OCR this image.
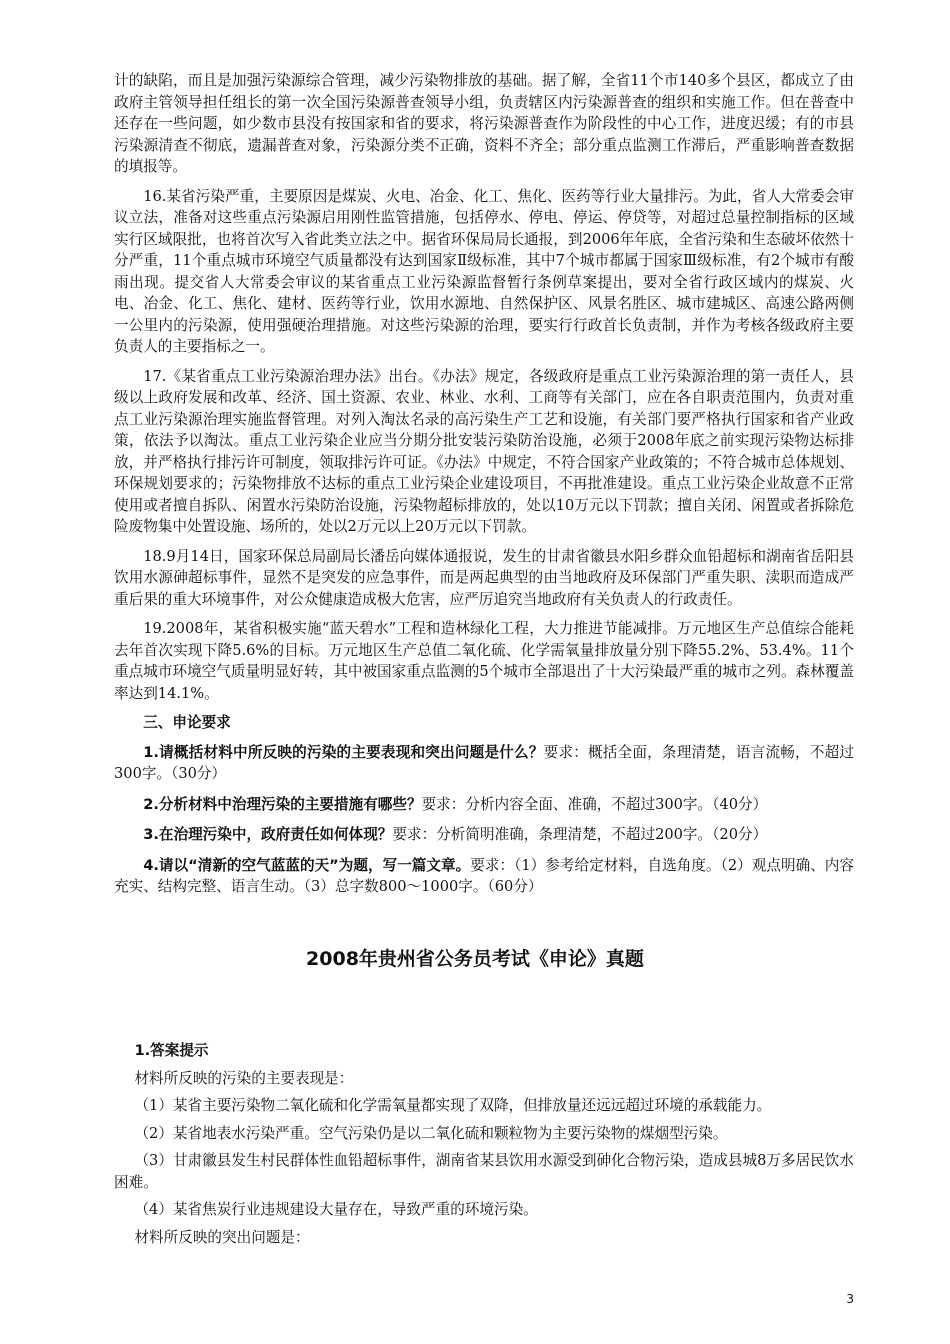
计的缺陷，而且是加强污染源综合管理，减少污染物排放的基础。据了解，全省11个市140多个县区，都成立了由政府主管领导担任组长的第一次全国污染源普查领导小组，负责辖区内污染源普查的组织和实施工作。但在普查中还存在一些问题，如少数市县没有按国家和省的要求，将污染源普查作为阶段性的中心工作，进度迟缓；有的市县污染源清查不彻底，遗漏普查对象，污染源分类不正确，资料不齐全；部分重点监测工作滞后，严重影响普查数据的填报等。

16.某省污染严重，主要原因是煤炭、火电、冶金、化工、焦化、医药等行业大量排污。为此，省人大常委会审议立法，准备对这些重点污染源启用刚性监管措施，包括停水、停电、停运、停贷等，对超过总量控制指标的区域实行区域限批，也将首次写入省此类立法之中。据省环保局局长通报，到2006年年底，全省污染和生态破坏依然十分严重，11个重点城市环境空气质量都没有达到国家Ⅱ级标准，其中7个城市都属于国家Ⅲ级标准，有2个城市有酸雨出现。提交省人大常委会审议的某省重点工业污染源监督暂行条例草案提出，要对全省行政区域内的煤炭、火电、冶金、化工、焦化、建材、医药等行业，饮用水源地、自然保护区、风景名胜区、城市建城区、高速公路两侧一公里内的污染源，使用强硬治理措施。对这些污染源的治理，要实行行政首长负责制，并作为考核各级政府主要负责人的主要指标之一。

17.《某省重点工业污染源治理办法》出台。《办法》规定，各级政府是重点工业污染源治理的第一责任人，县级以上政府发展和改革、经济、国土资源、农业、林业、水利、工商等有关部门，应在各自职责范围内，负责对重点工业污染源治理实施监督管理。对列入淘汰名录的高污染生产工艺和设施，有关部门要严格执行国家和省产业政策，依法予以淘汰。重点工业污染企业应当分期分批安装污染防治设施，必须于2008年底之前实现污染物达标排放，并严格执行排污许可制度，领取排污许可证。《办法》中规定，不符合国家产业政策的；不符合城市总体规划、环保规划要求的；污染物排放不达标的重点工业污染企业建设项目，不再批准建设。重点工业污染企业故意不正常使用或者擅自拆队、闲置水污染防治设施，污染物超标排放的，处以10万元以下罚款；擅自关闭、闲置或者拆除危险废物集中处置设施、场所的，处以2万元以上20万元以下罚款。

18.9月14日，国家环保总局副局长潘岳向媒体通报说，发生的甘肃省徽县水阳乡群众血铅超标和湖南省岳阳县饮用水源砷超标事件，显然不是突发的应急事件，而是两起典型的由当地政府及环保部门严重失职、渎职而造成严重后果的重大环境事件，对公众健康造成极大危害，应严厉追究当地政府有关负责人的行政责任。

19.2008年，某省积极实施“蓝天碧水”工程和造林绿化工程，大力推进节能减排。万元地区生产总值综合能耗去年首次实现下降5.6%的目标。万元地区生产总值二氧化硫、化学需氧量排放量分别下降55.2%、53.4%。11个重点城市环境空气质量明显好转，其中被国家重点监测的5个城市全部退出了十大污染最严重的城市之列。森林覆盖率达到14.1%。

三、申论要求

1.请概括材料中所反映的污染的主要表现和突出问题是什么？要求：概括全面，条理清楚，语言流畅，不超过300字。（30分）

2.分析材料中治理污染的主要措施有哪些？要求：分析内容全面、准确，不超过300字。（40分）

3.在治理污染中，政府责任如何体现？要求：分析简明准确，条理清楚，不超过200字。（20分）

4.请以“清新的空气蓝蓝的天”为题，写一篇文章。要求：（1）参考给定材料，自选角度。（2）观点明确、内容充实、结构完整、语言生动。（3）总字数800～1000字。（60分）

2008年贵州省公务员考试《申论》真题
1.答案提示

材料所反映的污染的主要表现是：

（1）某省主要污染物二氧化硫和化学需氧量都实现了双降，但排放量还远远超过环境的承载能力。

（2）某省地表水污染严重。空气污染仍是以二氧化硫和颗粒物为主要污染物的煤烟型污染。

（3）甘肃徽县发生村民群体性血铅超标事件，湖南省某县饮用水源受到砷化合物污染，造成县城8万多居民饮水困难。

（4）某省焦炭行业违规建设大量存在，导致严重的环境污染。

材料所反映的突出问题是：

3
